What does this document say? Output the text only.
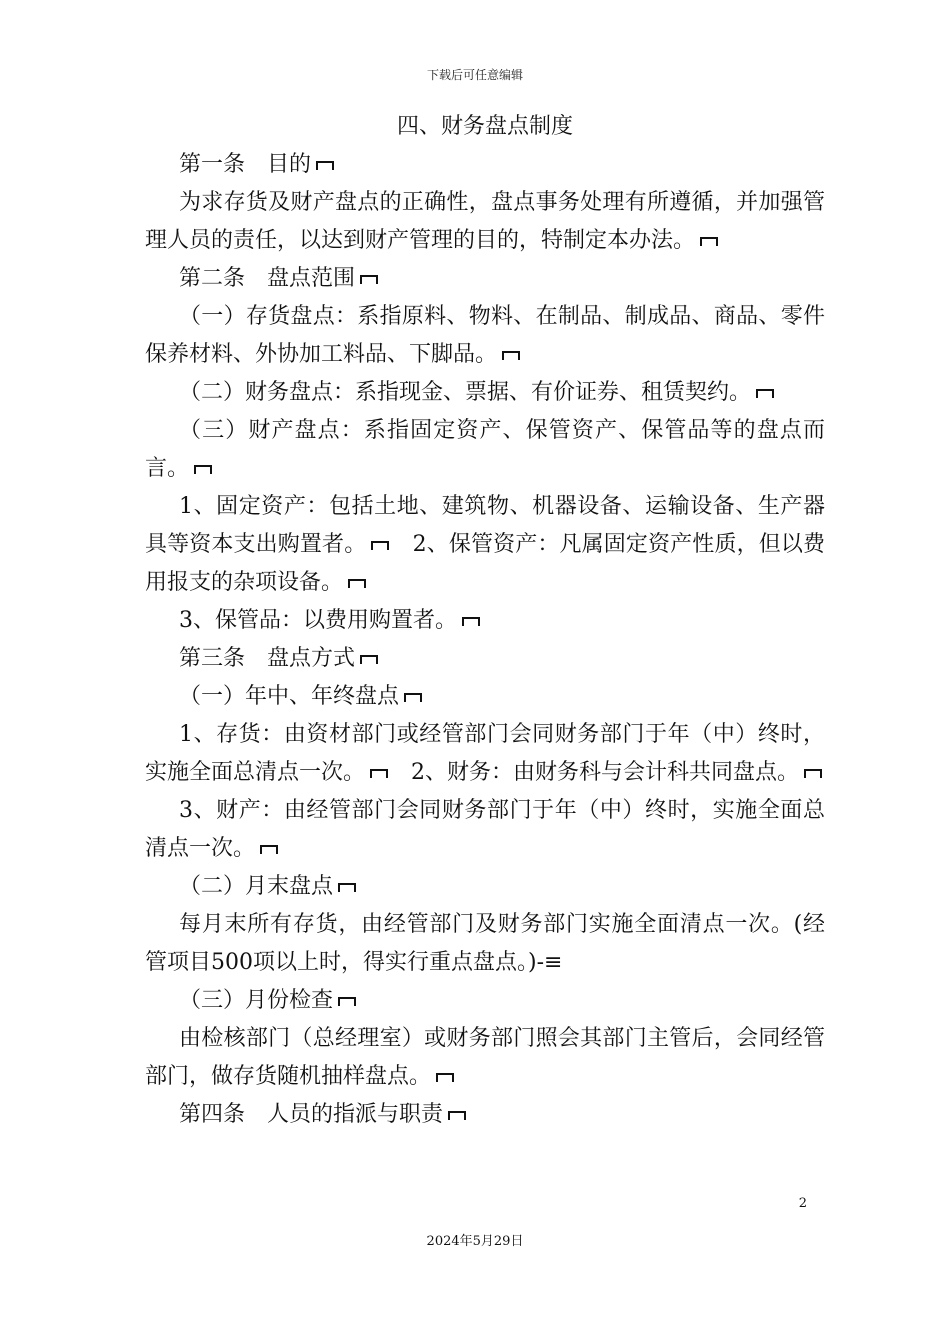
下载后可任意编辑

四、财务盘点制度

第一条　目的

为求存货及财产盘点的正确性，盘点事务处理有所遵循，并加强管理人员的责任，以达到财产管理的目的，特制定本办法。

第二条　盘点范围

（一）存货盘点：系指原料、物料、在制品、制成品、商品、零件保养材料、外协加工料品、下脚品。

（二）财务盘点：系指现金、票据、有价证券、租赁契约。

（三）财产盘点：系指固定资产、保管资产、保管品等的盘点而言。

1、固定资产：包括土地、建筑物、机器设备、运输设备、生产器具等资本支出购置者。　 2、保管资产：凡属固定资产性质，但以费用报支的杂项设备。

3、保管品：以费用购置者。

第三条　盘点方式

（一）年中、年终盘点

1、存货：由资材部门或经管部门会同财务部门于年（中）终时，实施全面总清点一次。　 2、财务：由财务科与会计科共同盘点。

3、财产：由经管部门会同财务部门于年（中）终时，实施全面总清点一次。

（二）月末盘点

每月末所有存货，由经管部门及财务部门实施全面清点一次。(经管项目500项以上时，得实行重点盘点。)-≡

（三）月份检查

由检核部门（总经理室）或财务部门照会其部门主管后，会同经管部门，做存货随机抽样盘点。

第四条　人员的指派与职责

2
2024年5月29日
